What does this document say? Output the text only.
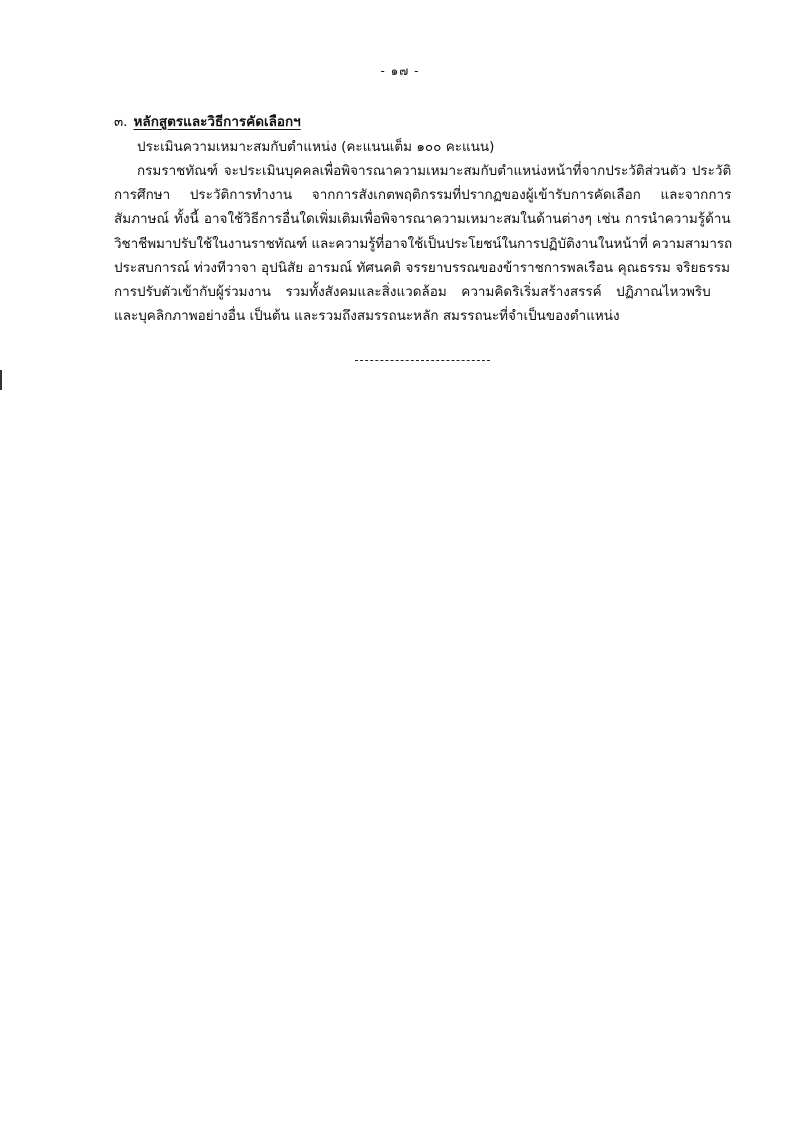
- ๑๗ -
๓. หลักสูตรและวิธีการคัดเลือกฯ
ประเมินความเหมาะสมกับตำแหน่ง (คะแนนเต็ม ๑๐๐ คะแนน)
กรมราชทัณฑ์ จะประเมินบุคคลเพื่อพิจารณาความเหมาะสมกับตำแหน่งหน้าที่จากประวัติส่วนตัว ประวัติ
การศึกษา ประวัติการทำงาน จากการสังเกตพฤติกรรมที่ปรากฏของผู้เข้ารับการคัดเลือก และจากการ
สัมภาษณ์ ทั้งนี้ อาจใช้วิธีการอื่นใดเพิ่มเติมเพื่อพิจารณาความเหมาะสมในด้านต่างๆ เช่น การนำความรู้ด้าน
วิชาชีพมาปรับใช้ในงานราชทัณฑ์ และความรู้ที่อาจใช้เป็นประโยชน์ในการปฏิบัติงานในหน้าที่ ความสามารถ
ประสบการณ์ ท่วงทีวาจา อุปนิสัย อารมณ์ ทัศนคติ จรรยาบรรณของข้าราชการพลเรือน คุณธรรม จริยธรรม
การปรับตัวเข้ากับผู้ร่วมงาน รวมทั้งสังคมและสิ่งแวดล้อม ความคิดริเริ่มสร้างสรรค์ ปฏิภาณไหวพริบ
และบุคลิกภาพอย่างอื่น เป็นต้น และรวมถึงสมรรถนะหลัก สมรรถนะที่จำเป็นของตำแหน่ง
